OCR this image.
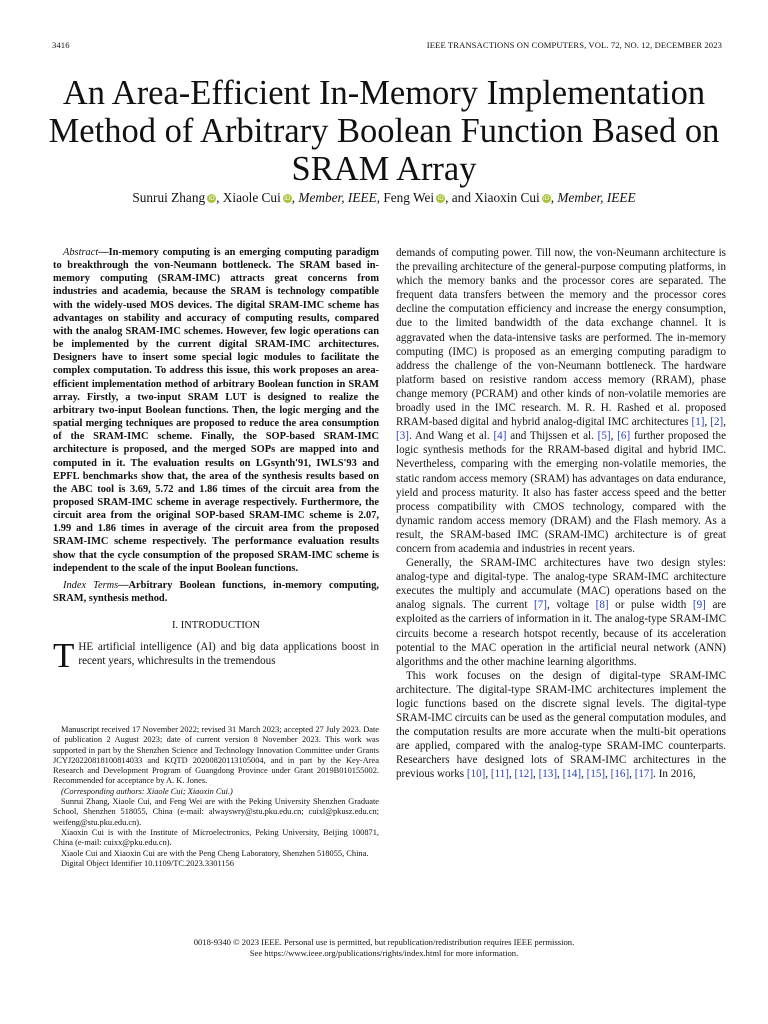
3416	IEEE TRANSACTIONS ON COMPUTERS, VOL. 72, NO. 12, DECEMBER 2023
An Area-Efficient In-Memory Implementation
Method of Arbitrary Boolean Function Based on
SRAM Array
Sunrui Zhang iD, Xiaole Cui iD, Member, IEEE, Feng Wei iD, and Xiaoxin Cui iD, Member, IEEE
Abstract—In-memory computing is an emerging computing paradigm to breakthrough the von-Neumann bottleneck. The SRAM based in-memory computing (SRAM-IMC) attracts great concerns from industries and academia, because the SRAM is technology compatible with the widely-used MOS devices. The digital SRAM-IMC scheme has advantages on stability and accuracy of computing results, compared with the analog SRAM-IMC schemes. However, few logic operations can be implemented by the current digital SRAM-IMC architectures. Designers have to insert some special logic modules to facilitate the complex computation. To address this issue, this work proposes an area-efficient implementation method of arbitrary Boolean function in SRAM array. Firstly, a two-input SRAM LUT is designed to realize the arbitrary two-input Boolean functions. Then, the logic merging and the spatial merging techniques are proposed to reduce the area consumption of the SRAM-IMC scheme. Finally, the SOP-based SRAM-IMC architecture is proposed, and the merged SOPs are mapped into and computed in it. The evaluation results on LGsynth'91, IWLS'93 and EPFL benchmarks show that, the area of the synthesis results based on the ABC tool is 3.69, 5.72 and 1.86 times of the circuit area from the proposed SRAM-IMC scheme in average respectively. Furthermore, the circuit area from the original SOP-based SRAM-IMC scheme is 2.07, 1.99 and 1.86 times in average of the circuit area from the proposed SRAM-IMC scheme respectively. The performance evaluation results show that the cycle consumption of the proposed SRAM-IMC scheme is independent to the scale of the input Boolean functions.
Index Terms—Arbitrary Boolean functions, in-memory computing, SRAM, synthesis method.
I. INTRODUCTION
THE artificial intelligence (AI) and big data applications boost in recent years, whichresults in the tremendous

Manuscript received 17 November 2022; revised 31 March 2023; accepted 27 July 2023. Date of publication 2 August 2023; date of current version 8 November 2023. This work was supported in part by the Shenzhen Science and Technology Innovation Committee under Grants JCYJ20220818100814033 and KQTD 20200820113105004, and in part by the Key-Area Research and Development Program of Guangdong Province under Grant 2019B010155002. Recommended for acceptance by A. K. Jones.

(Corresponding authors: Xiaole Cui; Xiaoxin Cui.)

Sunrui Zhang, Xiaole Cui, and Feng Wei are with the Peking University Shenzhen Graduate School, Shenzhen 518055, China (e-mail: alwayswry@stu.pku.edu.cn; cuixl@pkusz.edu.cn; weifeng@stu.pku.edu.cn).

Xiaoxin Cui is with the Institute of Microelectronics, Peking University, Beijing 100871, China (e-mail: cuixx@pku.edu.cn).

Xiaole Cui and Xiaoxin Cui are with the Peng Cheng Laboratory, Shenzhen 518055, China.

Digital Object Identifier 10.1109/TC.2023.3301156

demands of computing power. Till now, the von-Neumann architecture is the prevailing architecture of the general-purpose computing platforms, in which the memory banks and the processor cores are separated. The frequent data transfers between the memory and the processor cores decline the computation efficiency and increase the energy consumption, due to the limited bandwidth of the data exchange channel. It is aggravated when the data-intensive tasks are performed. The in-memory computing (IMC) is proposed as an emerging computing paradigm to address the challenge of the von-Neumann bottleneck. The hardware platform based on resistive random access memory (RRAM), phase change memory (PCRAM) and other kinds of non-volatile memories are broadly used in the IMC research. M. R. H. Rashed et al. proposed RRAM-based digital and hybrid analog-digital IMC architectures [1], [2], [3]. And Wang et al. [4] and Thijssen et al. [5], [6] further proposed the logic synthesis methods for the RRAM-based digital and hybrid IMC. Nevertheless, comparing with the emerging non-volatile memories, the static random access memory (SRAM) has advantages on data endurance, yield and process maturity. It also has faster access speed and the better process compatibility with CMOS technology, compared with the dynamic random access memory (DRAM) and the Flash memory. As a result, the SRAM-based IMC (SRAM-IMC) architecture is of great concern from academia and industries in recent years.

Generally, the SRAM-IMC architectures have two design styles: analog-type and digital-type. The analog-type SRAM-IMC architecture executes the multiply and accumulate (MAC) operations based on the analog signals. The current [7], voltage [8] or pulse width [9] are exploited as the carriers of information in it. The analog-type SRAM-IMC circuits become a research hotspot recently, because of its acceleration potential to the MAC operation in the artificial neural network (ANN) algorithms and the other machine learning algorithms.

This work focuses on the design of digital-type SRAM-IMC architecture. The digital-type SRAM-IMC architectures implement the logic functions based on the discrete signal levels. The digital-type SRAM-IMC circuits can be used as the general computation modules, and the computation results are more accurate when the multi-bit operations are applied, compared with the analog-type SRAM-IMC counterparts. Researchers have designed lots of SRAM-IMC architectures in the previous works [10], [11], [12], [13], [14], [15], [16], [17]. In 2016,

0018-9340 © 2023 IEEE. Personal use is permitted, but republication/redistribution requires IEEE permission.
See https://www.ieee.org/publications/rights/index.html for more information.
